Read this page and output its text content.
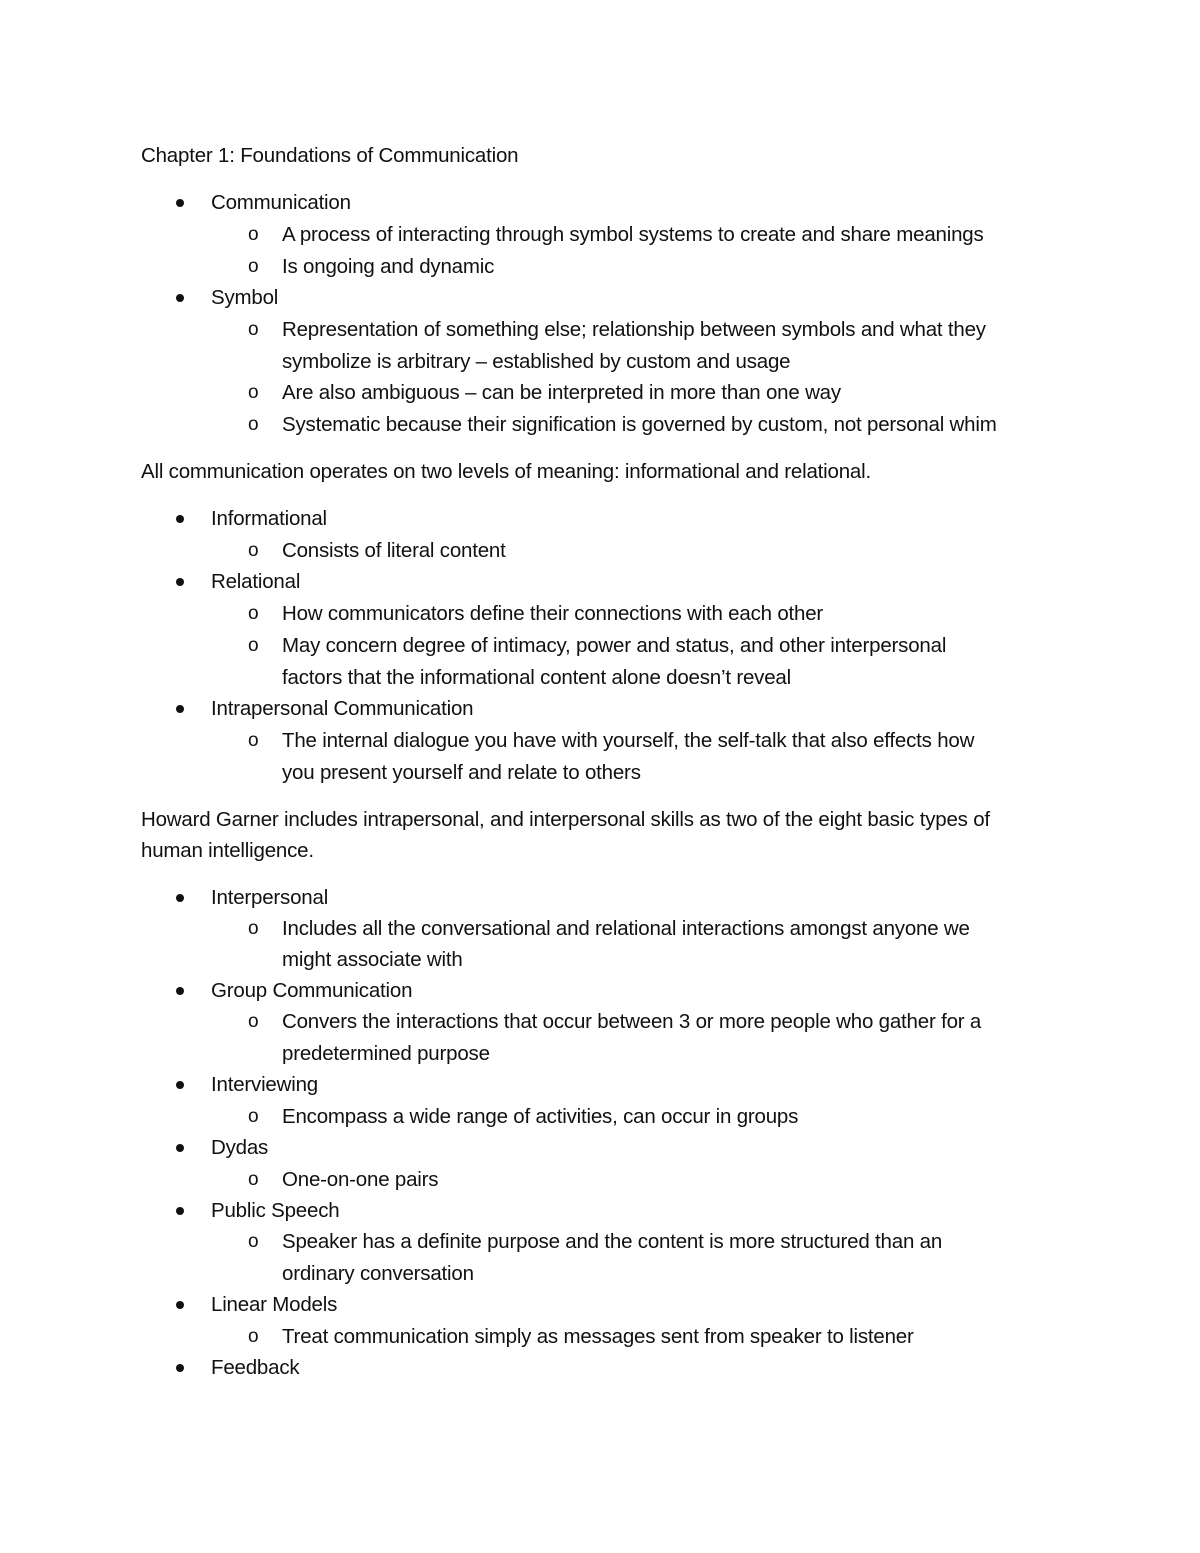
Chapter 1: Foundations of Communication
Communication
o A process of interacting through symbol systems to create and share meanings
o Is ongoing and dynamic
Symbol
o Representation of something else; relationship between symbols and what they
symbolize is arbitrary – established by custom and usage
o Are also ambiguous – can be interpreted in more than one way
o Systematic because their signification is governed by custom, not personal whim
All communication operates on two levels of meaning: informational and relational.
Informational
o Consists of literal content
Relational
o How communicators define their connections with each other
o May concern degree of intimacy, power and status, and other interpersonal
factors that the informational content alone doesn’t reveal
Intrapersonal Communication
o The internal dialogue you have with yourself, the self-talk that also effects how
you present yourself and relate to others
Howard Garner includes intrapersonal, and interpersonal skills as two of the eight basic types of
human intelligence.
Interpersonal
o Includes all the conversational and relational interactions amongst anyone we
might associate with
Group Communication
o Convers the interactions that occur between 3 or more people who gather for a
predetermined purpose
Interviewing
o Encompass a wide range of activities, can occur in groups
Dydas
o One-on-one pairs
Public Speech
o Speaker has a definite purpose and the content is more structured than an
ordinary conversation
Linear Models
o Treat communication simply as messages sent from speaker to listener
Feedback
